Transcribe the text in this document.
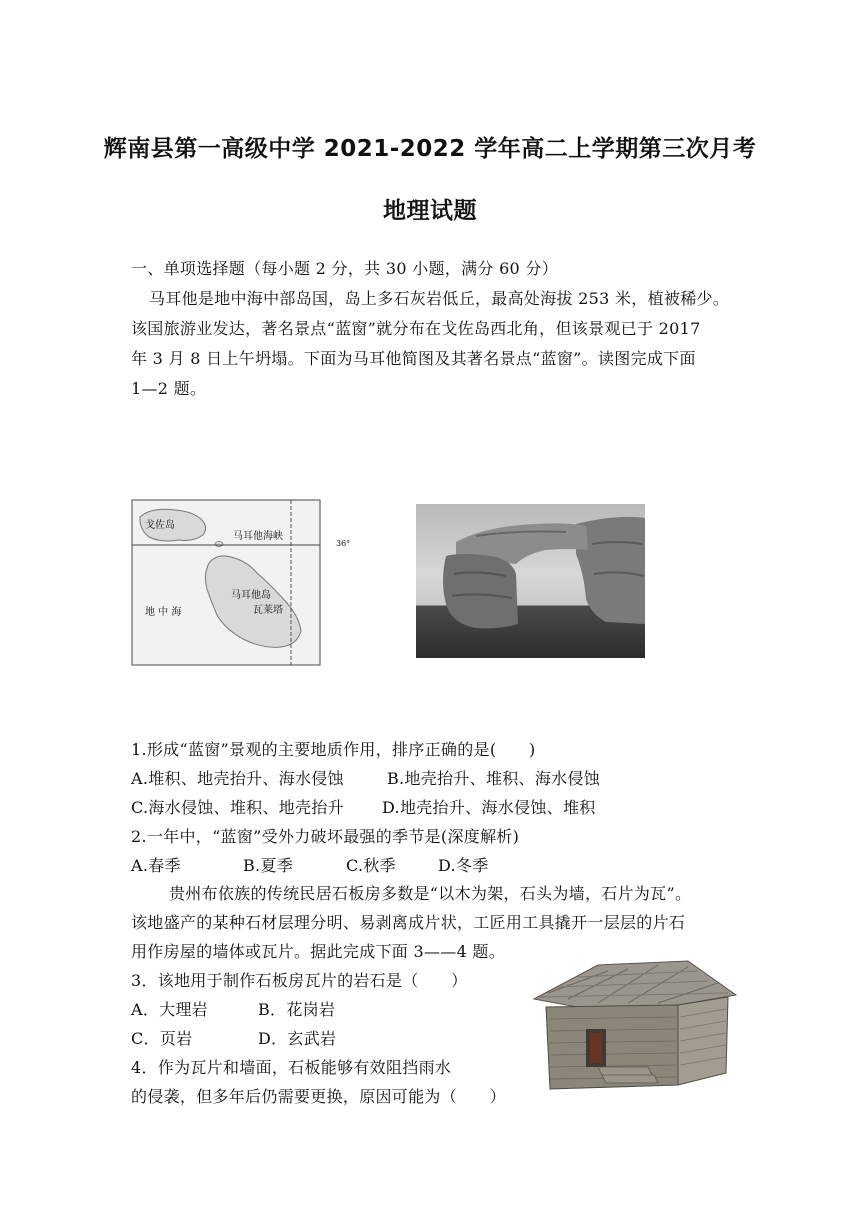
辉南县第一高级中学 2021-2022 学年高二上学期第三次月考
地理试题
一、单项选择题（每小题 2 分，共 30 小题，满分 60 分）
马耳他是地中海中部岛国，岛上多石灰岩低丘，最高处海拔 253 米，植被稀少。
该国旅游业发达，著名景点“蓝窗”就分布在戈佐岛西北角，但该景观已于 2017
年 3 月 8 日上午坍塌。下面为马耳他简图及其著名景点“蓝窗”。读图完成下面
1—2 题。
戈佐岛
马耳他海峡
马耳他岛
瓦莱塔
地 中 海
36°
1.形成“蓝窗”景观的主要地质作用，排序正确的是(　　)
A.堆积、地壳抬升、海水侵蚀	B.地壳抬升、堆积、海水侵蚀
C.海水侵蚀、堆积、地壳抬升 D.地壳抬升、海水侵蚀、堆积
2.一年中，“蓝窗”受外力破坏最强的季节是(深度解析)
A.春季	B.夏季	C.秋季	D.冬季
贵州布依族的传统民居石板房多数是“以木为架，石头为墙，石片为瓦”。
该地盛产的某种石材层理分明、易剥离成片状，工匠用工具撬开一层层的片石
用作房屋的墙体或瓦片。据此完成下面 3——4 题。
3．该地用于制作石板房瓦片的岩石是（　　）
A．大理岩	B．花岗岩
C．页岩	D．玄武岩
4．作为瓦片和墙面，石板能够有效阻挡雨水
的侵袭，但多年后仍需要更换，原因可能为（　　）
